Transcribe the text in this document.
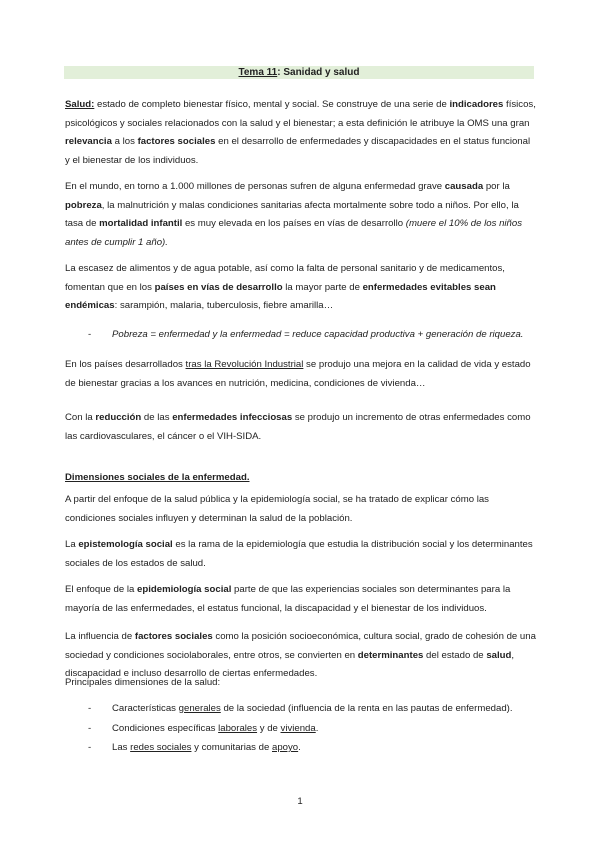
Tema 11: Sanidad y salud
Salud: estado de completo bienestar físico, mental y social. Se construye de una serie de indicadores físicos, psicológicos y sociales relacionados con la salud y el bienestar; a esta definición le atribuye la OMS una gran relevancia a los factores sociales en el desarrollo de enfermedades y discapacidades en el status funcional y el bienestar de los individuos.
En el mundo, en torno a 1.000 millones de personas sufren de alguna enfermedad grave causada por la pobreza, la malnutrición y malas condiciones sanitarias afecta mortalmente sobre todo a niños. Por ello, la tasa de mortalidad infantil es muy elevada en los países en vías de desarrollo (muere el 10% de los niños antes de cumplir 1 año).
La escasez de alimentos y de agua potable, así como la falta de personal sanitario y de medicamentos, fomentan que en los países en vías de desarrollo la mayor parte de enfermedades evitables sean endémicas: sarampión, malaria, tuberculosis, fiebre amarilla…
- Pobreza = enfermedad y la enfermedad = reduce capacidad productiva + generación de riqueza.
En los países desarrollados tras la Revolución Industrial se produjo una mejora en la calidad de vida y estado de bienestar gracias a los avances en nutrición, medicina, condiciones de vivienda…
Con la reducción de las enfermedades infecciosas se produjo un incremento de otras enfermedades como las cardiovasculares, el cáncer o el VIH-SIDA.
Dimensiones sociales de la enfermedad.
A partir del enfoque de la salud pública y la epidemiología social, se ha tratado de explicar cómo las condiciones sociales influyen y determinan la salud de la población.
La epistemología social es la rama de la epidemiología que estudia la distribución social y los determinantes sociales de los estados de salud.
El enfoque de la epidemiología social parte de que las experiencias sociales son determinantes para la mayoría de las enfermedades, el estatus funcional, la discapacidad y el bienestar de los individuos.
La influencia de factores sociales como la posición socioeconómica, cultura social, grado de cohesión de una sociedad y condiciones sociolaborales, entre otros, se convierten en determinantes del estado de salud, discapacidad e incluso desarrollo de ciertas enfermedades.
Principales dimensiones de la salud:
- Características generales de la sociedad (influencia de la renta en las pautas de enfermedad).
- Condiciones específicas laborales y de vivienda.
- Las redes sociales y comunitarias de apoyo.
1
